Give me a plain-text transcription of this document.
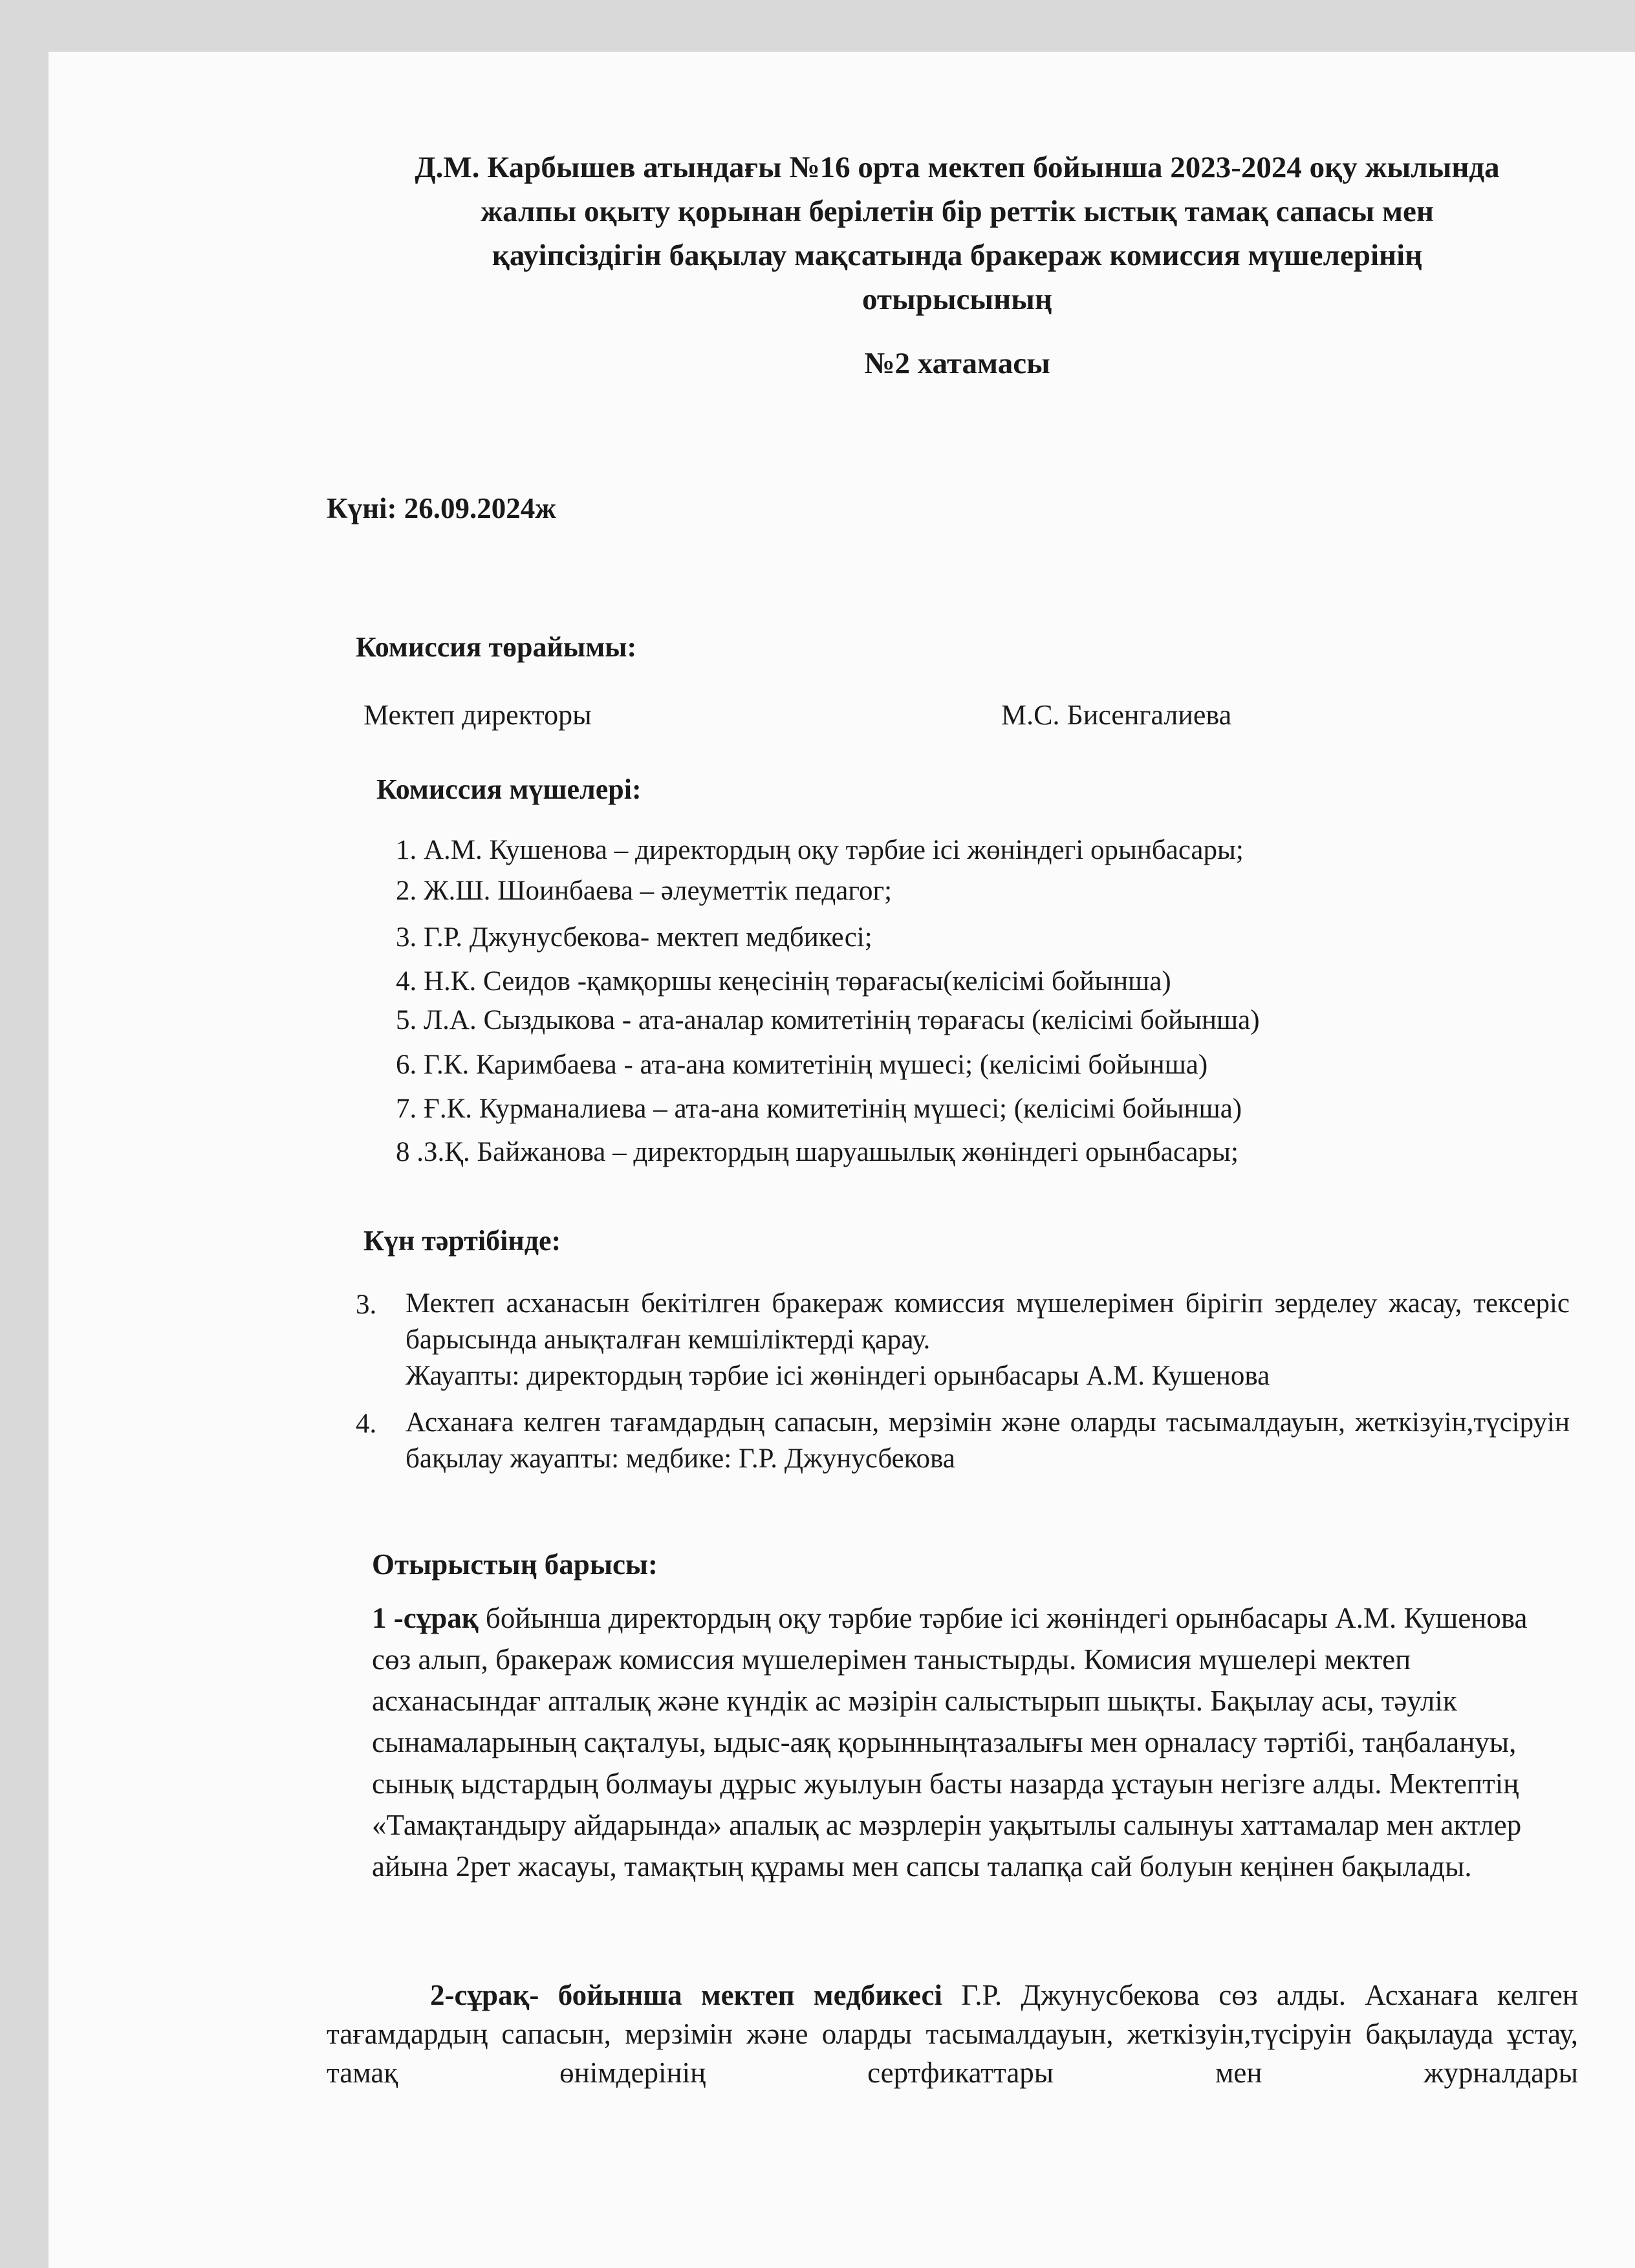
Д.М. Карбышев атындағы №16 орта мектеп бойынша 2023-2024 оқу жылында
жалпы оқыту қорынан берілетін бір реттік ыстық тамақ сапасы мен
қауіпсіздігін бақылау мақсатында бракераж комиссия мүшелерінің
отырысының
№2 хатамасы
Күні: 26.09.2024ж
Комиссия төрайымы:
Мектеп директоры	М.С. Бисенгалиева
Комиссия мүшелері:
1. А.М. Кушенова – директордың оқу тәрбие ісі жөніндегі орынбасары;
2. Ж.Ш. Шоинбаева – әлеуметтік педагог;
3. Г.Р. Джунусбекова- мектеп медбикесі;
4. Н.К. Сеидов -қамқоршы кеңесінің төрағасы(келісімі бойынша)
5. Л.А. Сыздыкова - ата-аналар комитетінің төрағасы (келісімі бойынша)
6. Г.К. Каримбаева - ата-ана комитетінің мүшесі; (келісімі бойынша)
7. Ғ.К. Курманалиева – ата-ана комитетінің мүшесі; (келісімі бойынша)
8 .З.Қ. Байжанова – директордың шаруашылық жөніндегі орынбасары;
Күн тәртібінде:
3. Мектеп асханасын бекітілген бракераж комиссия мүшелерімен бірігіп зерделеу жасау, тексеріс барысында анықталған кемшіліктерді қарау.
Жауапты: директордың тәрбие ісі жөніндегі орынбасары А.М. Кушенова
4. Асханаға келген тағамдардың сапасын, мерзімін және оларды тасымалдауын, жеткізуін,түсіруін бақылау жауапты: медбике: Г.Р. Джунусбекова
Отырыстың барысы:
1 -сұрақ бойынша директордың оқу тәрбие тәрбие ісі жөніндегі орынбасары А.М. Кушенова сөз алып, бракераж комиссия мүшелерімен таныстырды. Комисия мүшелері мектеп асханасындағ апталық және күндік ас мәзірін салыстырып шықты. Бақылау асы, тәулік сынамаларының сақталуы, ыдыс-аяқ қорынныңтазалығы мен орналасу тәртібі, таңбалануы, сынық ыдстардың болмауы дұрыс жуылуын басты назарда ұстауын негізге алды. Мектептің «Тамақтандыру айдарында» апалық ас мәзрлерін уақытылы салынуы хаттамалар мен актлер айына 2рет жасауы, тамақтың құрамы мен сапсы талапқа сай болуын кеңінен бақылады.
2-сұрақ- бойынша мектеп медбикесі Г.Р. Джунусбекова сөз алды. Асханаға келген тағамдардың сапасын, мерзімін және оларды тасымалдауын, жеткізуін,түсіруін бақылауда ұстау, тамақ өнімдерінің сертфикаттары мен журналдары
